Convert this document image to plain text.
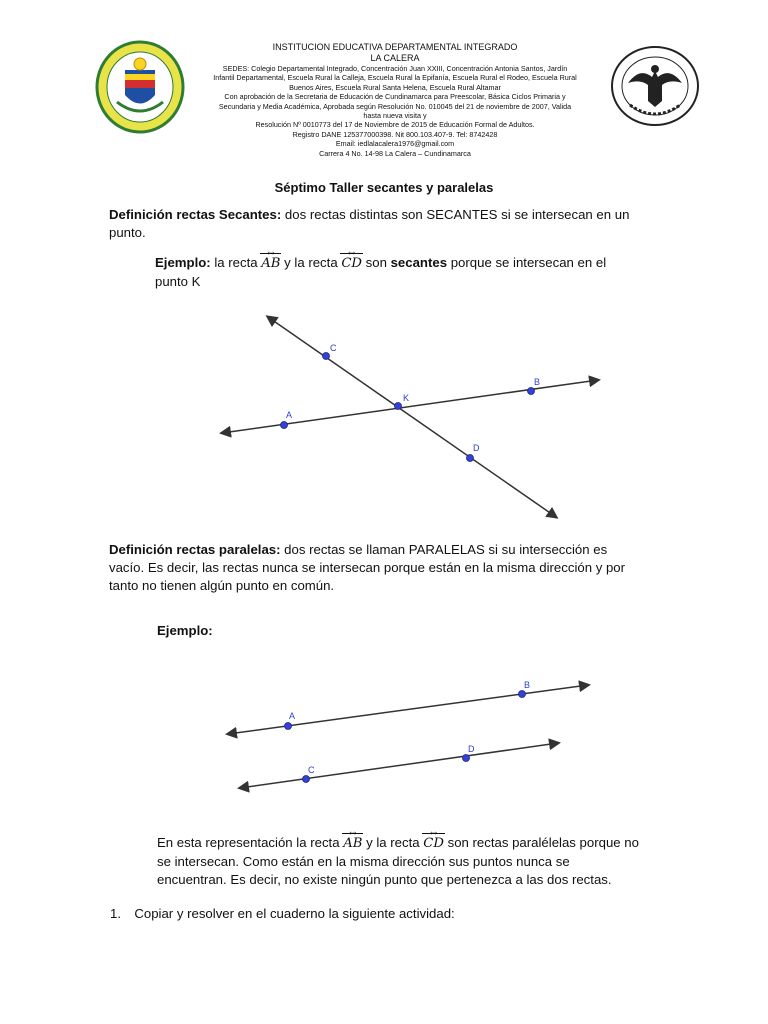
INSTITUCION EDUCATIVA DEPARTAMENTAL INTEGRADO
LA CALERA
SEDES: Colegio Departamental Integrado, Concentración Juan XXIII, Concentración Antonia Santos, Jardín
Infantil Departamental, Escuela Rural la Calleja, Escuela Rural la Epifanía, Escuela Rural el Rodeo, Escuela Rural
Buenos Aires, Escuela Rural Santa Helena, Escuela Rural Altamar
Con aprobación de la Secretaria de Educación de Cundinamarca para Preescolar, Básica Ciclos Primaria y
Secundaria y Media Académica, Aprobada según Resolución No. 010045 del 21 de noviembre de 2007, Valida
hasta nueva visita y
Resolución Nº 0010773 del 17 de Noviembre de 2015 de Educación Formal de Adultos.
Registro DANE 125377000398. Nit 800.103.407-9. Tel: 8742428
Email: iedlalacalera1976@gmail.com
Carrera 4 No. 14-98 La Calera – Cundinamarca
Séptimo Taller secantes y paralelas
Definición rectas Secantes: dos rectas distintas son SECANTES si se intersecan en un
punto.
Ejemplo: la recta AB ↔ y la recta CD ↔ son secantes porque se intersecan en el
punto K
C
B
A
K
D
Definición rectas paralelas: dos rectas se llaman PARALELAS si su intersección es
vacío. Es decir, las rectas nunca se intersecan porque están en la misma dirección y por
tanto no tienen algún punto en común.
Ejemplo:
B
A
D
C
En esta representación la recta AB ↔ y la recta CD ↔ son rectas paralélelas porque no
se intersecan. Como están en la misma dirección sus puntos nunca se
encuentran. Es decir, no existe ningún punto que pertenezca a las dos rectas.
1. Copiar y resolver en el cuaderno la siguiente actividad:
